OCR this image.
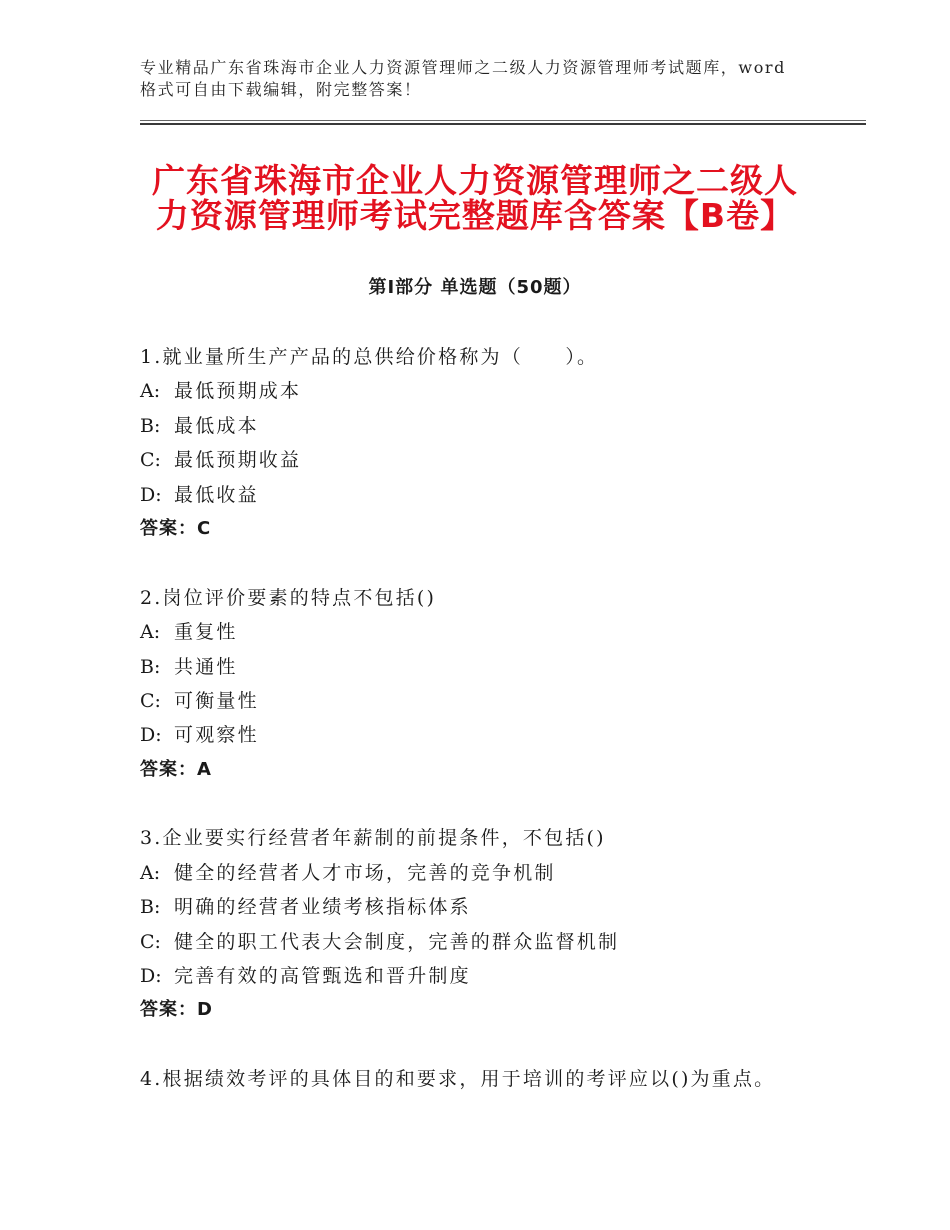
专业精品广东省珠海市企业人力资源管理师之二级人力资源管理师考试题库，word
格式可自由下载编辑，附完整答案！
广东省珠海市企业人力资源管理师之二级人
力资源管理师考试完整题库含答案【B卷】
第Ⅰ部分 单选题（50题）
1.就业量所生产产品的总供给价格称为（　　）。
A: 最低预期成本
B: 最低成本
C: 最低预期收益
D: 最低收益
答案：C
2.岗位评价要素的特点不包括()
A: 重复性
B: 共通性
C: 可衡量性
D: 可观察性
答案：A
3.企业要实行经营者年薪制的前提条件，不包括()
A: 健全的经营者人才市场，完善的竞争机制
B: 明确的经营者业绩考核指标体系
C: 健全的职工代表大会制度，完善的群众监督机制
D: 完善有效的高管甄选和晋升制度
答案：D
4.根据绩效考评的具体目的和要求，用于培训的考评应以()为重点。
